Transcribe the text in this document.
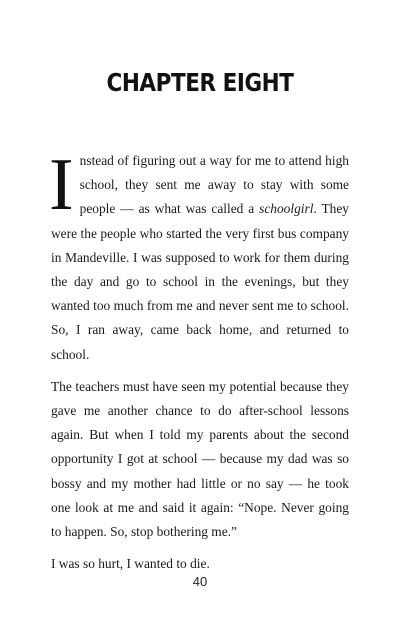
CHAPTER EIGHT

Instead of figuring out a way for me to attend high school, they sent me away to stay with some people — as what was called a schoolgirl. They were the people who started the very first bus company in Mandeville. I was supposed to work for them during the day and go to school in the evenings, but they wanted too much from me and never sent me to school. So, I ran away, came back home, and returned to school.

The teachers must have seen my potential because they gave me another chance to do after-school lessons again. But when I told my parents about the second opportunity I got at school — because my dad was so bossy and my mother had little or no say — he took one look at me and said it again: “Nope. Never going to happen. So, stop bothering me.”

I was so hurt, I wanted to die.

40
